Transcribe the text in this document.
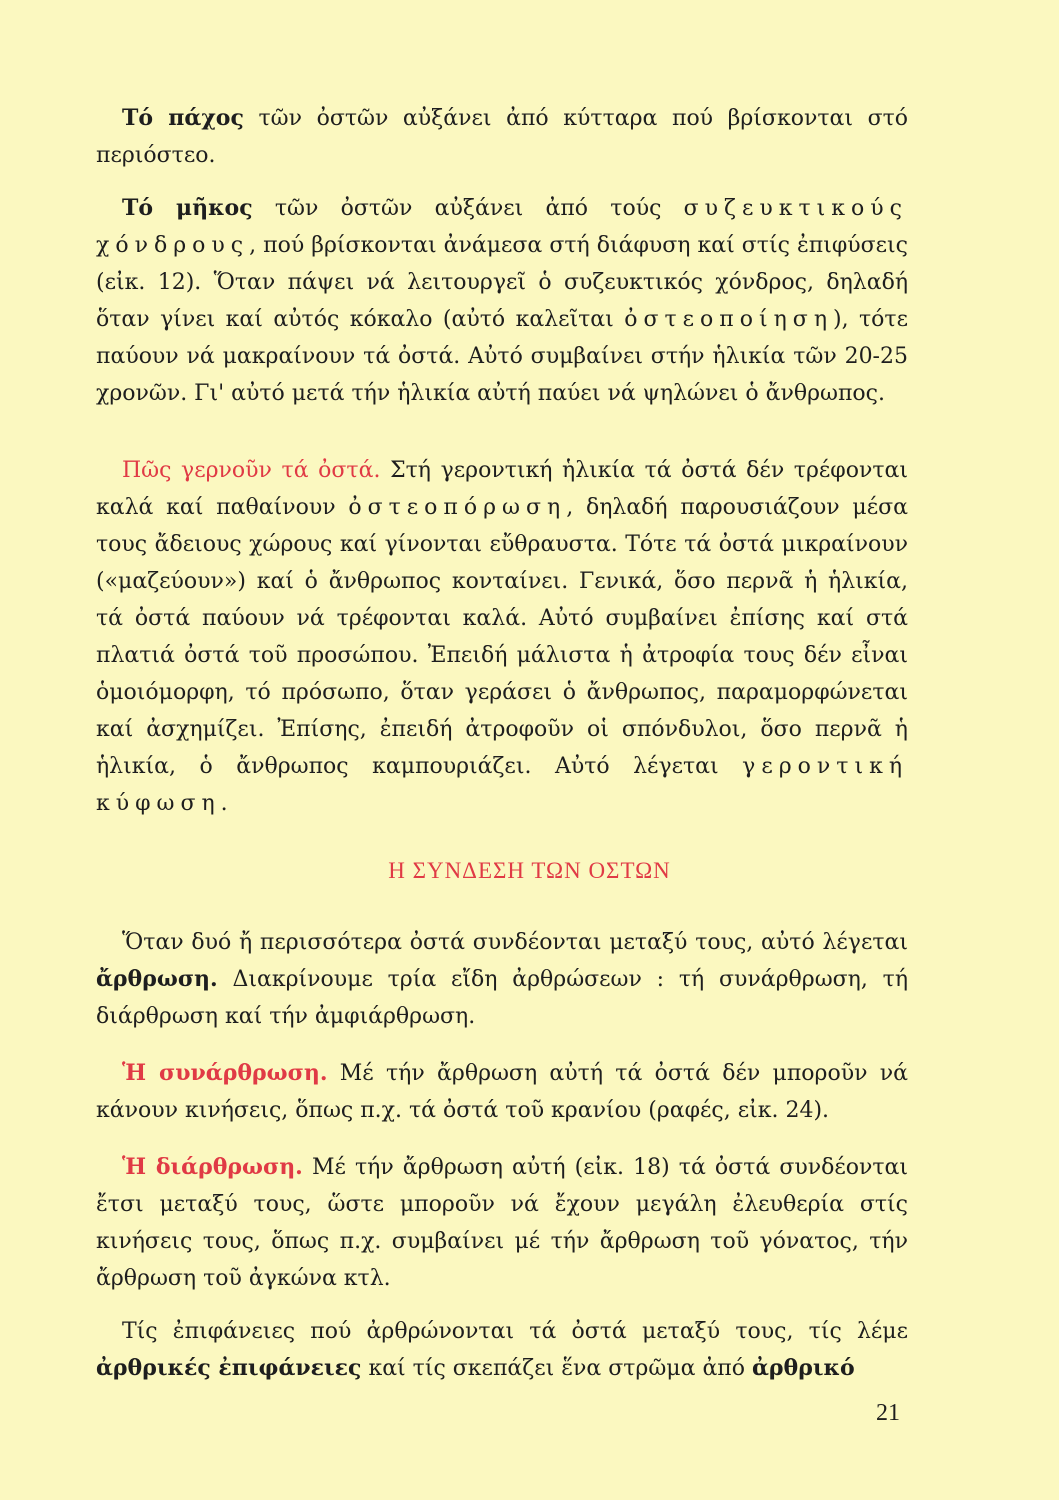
Τό πάχος τῶν ὀστῶν αὐξάνει ἀπό κύτταρα πού βρίσκονται στό περιόστεο.

Τό μῆκος τῶν ὀστῶν αὐξάνει ἀπό τούς συζευκτικούς χόνδρους, πού βρίσκονται ἀνάμεσα στή διάφυση καί στίς ἐπιφύσεις (εἰκ. 12). Ὅταν πάψει νά λειτουργεῖ ὁ συζευκτικός χόνδρος, δηλαδή ὅταν γίνει καί αὐτός κόκαλο (αὐτό καλεῖται ὀστεοποίηση), τότε παύουν νά μακραίνουν τά ὀστά. Αὐτό συμβαίνει στήν ἡλικία τῶν 20-25 χρονῶν. Γι' αὐτό μετά τήν ἡλικία αὐτή παύει νά ψηλώνει ὁ ἄνθρωπος.

Πῶς γερνοῦν τά ὀστά. Στή γεροντική ἡλικία τά ὀστά δέν τρέφονται καλά καί παθαίνουν ὀστεοπόρωση, δηλαδή παρουσιάζουν μέσα τους ἄδειους χώρους καί γίνονται εὔθραυστα. Τότε τά ὀστά μικραίνουν («μαζεύουν») καί ὁ ἄνθρωπος κονταίνει. Γενικά, ὅσο περνᾶ ἡ ἡλικία, τά ὀστά παύουν νά τρέφονται καλά. Αὐτό συμβαίνει ἐπίσης καί στά πλατιά ὀστά τοῦ προσώπου. Ἐπειδή μάλιστα ἡ ἀτροφία τους δέν εἶναι ὁμοιόμορφη, τό πρόσωπο, ὅταν γεράσει ὁ ἄνθρωπος, παραμορφώνεται καί ἀσχημίζει. Ἐπίσης, ἐπειδή ἀτροφοῦν οἱ σπόνδυλοι, ὅσο περνᾶ ἡ ἡλικία, ὁ ἄνθρωπος καμπουριάζει. Αὐτό λέγεται γεροντική κύφωση.

Η ΣΥΝΔΕΣΗ ΤΩΝ ΟΣΤΩΝ

Ὅταν δυό ἤ περισσότερα ὀστά συνδέονται μεταξύ τους, αὐτό λέγεται ἄρθρωση. Διακρίνουμε τρία εἴδη ἀρθρώσεων : τή συνάρθρωση, τή διάρθρωση καί τήν ἀμφιάρθρωση.

Ἡ συνάρθρωση. Μέ τήν ἄρθρωση αὐτή τά ὀστά δέν μποροῦν νά κάνουν κινήσεις, ὅπως π.χ. τά ὀστά τοῦ κρανίου (ραφές, εἰκ. 24).

Ἡ διάρθρωση. Μέ τήν ἄρθρωση αὐτή (εἰκ. 18) τά ὀστά συνδέονται ἔτσι μεταξύ τους, ὥστε μποροῦν νά ἔχουν μεγάλη ἐλευθερία στίς κινήσεις τους, ὅπως π.χ. συμβαίνει μέ τήν ἄρθρωση τοῦ γόνατος, τήν ἄρθρωση τοῦ ἀγκώνα κτλ.

Τίς ἐπιφάνειες πού ἀρθρώνονται τά ὀστά μεταξύ τους, τίς λέμε ἀρθρικές ἐπιφάνειες καί τίς σκεπάζει ἕνα στρῶμα ἀπό ἀρθρικό

21
